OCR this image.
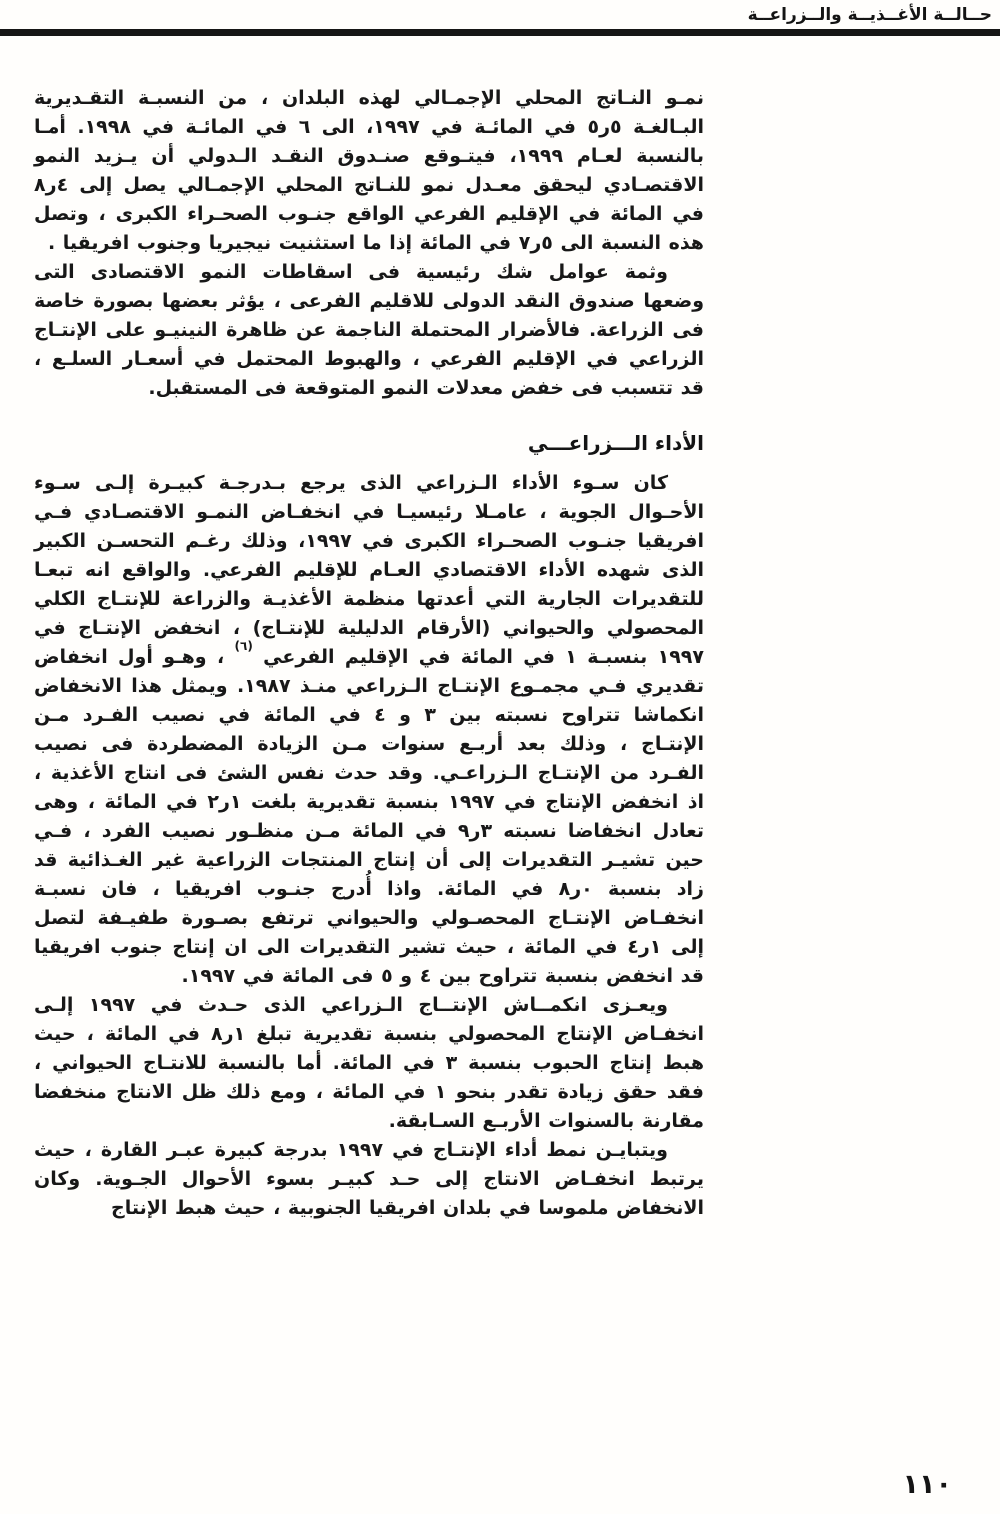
حــالــة الأغــذيــة والــزراعــة

نمـو النـاتج المحلي الإجمـالي لهذه البلدان ، من النسبـة التقـديرية البـالغـة ٥ر٥ في المائـة في ١٩٩٧، الى ٦ في المائـة في ١٩٩٨. أمـا بالنسبة لعـام ١٩٩٩، فيتـوقع صنـدوق النقـد الـدولي أن يـزيد النمو الاقتصـادي ليحقق معـدل نمو للنـاتج المحلي الإجمـالي يصل إلى ٤ر٨ في المائة في الإقليم الفرعي الواقع جنـوب الصحـراء الكبرى ، وتصل هذه النسبة الى ٥ر٧ في المائة إذا ما استثنيت نيجيريا وجنوب افريقيا .

وثمة عوامل شك رئيسية فى اسقاطات النمو الاقتصادى التى وضعها صندوق النقد الدولى للاقليم الفرعى ، يؤثر بعضها بصورة خاصة فى الزراعة. فالأضرار المحتملة الناجمة عن ظاهرة النينيـو على الإنتـاج الزراعي في الإقليم الفرعي ، والهبوط المحتمل في أسعـار السلـع ، قد تتسبب فى خفض معدلات النمو المتوقعة فى المستقبل.

الأداء الـــزراعـــي

كان سـوء الأداء الـزراعي الذى يرجع بـدرجـة كبيـرة إلـى سـوء الأحـوال الجوية ، عامـلا رئيسيـا في انخفـاض النمـو الاقتصـادي فـي افريقيا جنـوب الصحـراء الكبرى في ١٩٩٧، وذلك رغـم التحسـن الكبير الذى شهده الأداء الاقتصادي العـام للإقليم الفرعي. والواقع انه تبعـا للتقديرات الجارية التي أعدتها منظمة الأغذيـة والزراعة للإنتـاج الكلي المحصولي والحيواني (الأرقام الدليلية للإنتـاج) ، انخفض الإنتـاج في ١٩٩٧ بنسبـة ١ في المائة في الإقليم الفرعي $^{(٦)}$ ، وهـو أول انخفاض تقديري فـي مجمـوع الإنتـاج الـزراعي منـذ ١٩٨٧. ويمثل هذا الانخفاض انكماشا تتراوح نسبته بين ٣ و ٤ في المائة في نصيب الفـرد مـن الإنتـاج ، وذلك بعد أربـع سنوات مـن الزيادة المضطردة فى نصيب الفـرد من الإنتـاج الـزراعـي. وقد حدث نفس الشئ فى انتاج الأغذية ، اذ انخفض الإنتاج في ١٩٩٧ بنسبة تقديرية بلغت ١ر٢ في المائة ، وهى تعادل انخفاضا نسبته ٣ر٩ في المائة مـن منظـور نصيب الفرد ، فـي حين تشيـر التقديرات إلى أن إنتاج المنتجات الزراعية غير الغـذائية قد زاد بنسبة ٠ر٨ في المائة. واذا أُدرج جنـوب افريقيا ، فان نسبـة انخفـاض الإنتـاج المحصـولي والحيواني ترتفع بصـورة طفيـفة لتصل إلى ١ر٤ في المائة ، حيث تشير التقديرات الى ان إنتاج جنوب افريقيا قد انخفض بنسبة تتراوح بين ٤ و ٥ فى المائة في ١٩٩٧.

ويعـزى انكمــاش الإنتــاج الـزراعي الذى حـدث في ١٩٩٧ إلـى انخفـاض الإنتاج المحصولي بنسبة تقديرية تبلغ ١ر٨ في المائة ، حيث هبط إنتاج الحبوب بنسبة ٣ في المائة. أما بالنسبة للانتـاج الحيواني ، فقد حقق زيادة تقدر بنحو ١ في المائة ، ومع ذلك ظل الانتاج منخفضا مقارنة بالسنوات الأربـع السـابقة.

ويتبايـن نمط أداء الإنتـاج في ١٩٩٧ بدرجة كبيرة عبـر القارة ، حيث يرتبط انخفـاض الانتاج إلى حـد كبيـر بسوء الأحوال الجـوية. وكان الانخفاض ملموسا في بلدان افريقيا الجنوبية ، حيث هبط الإنتاج

١١٠
